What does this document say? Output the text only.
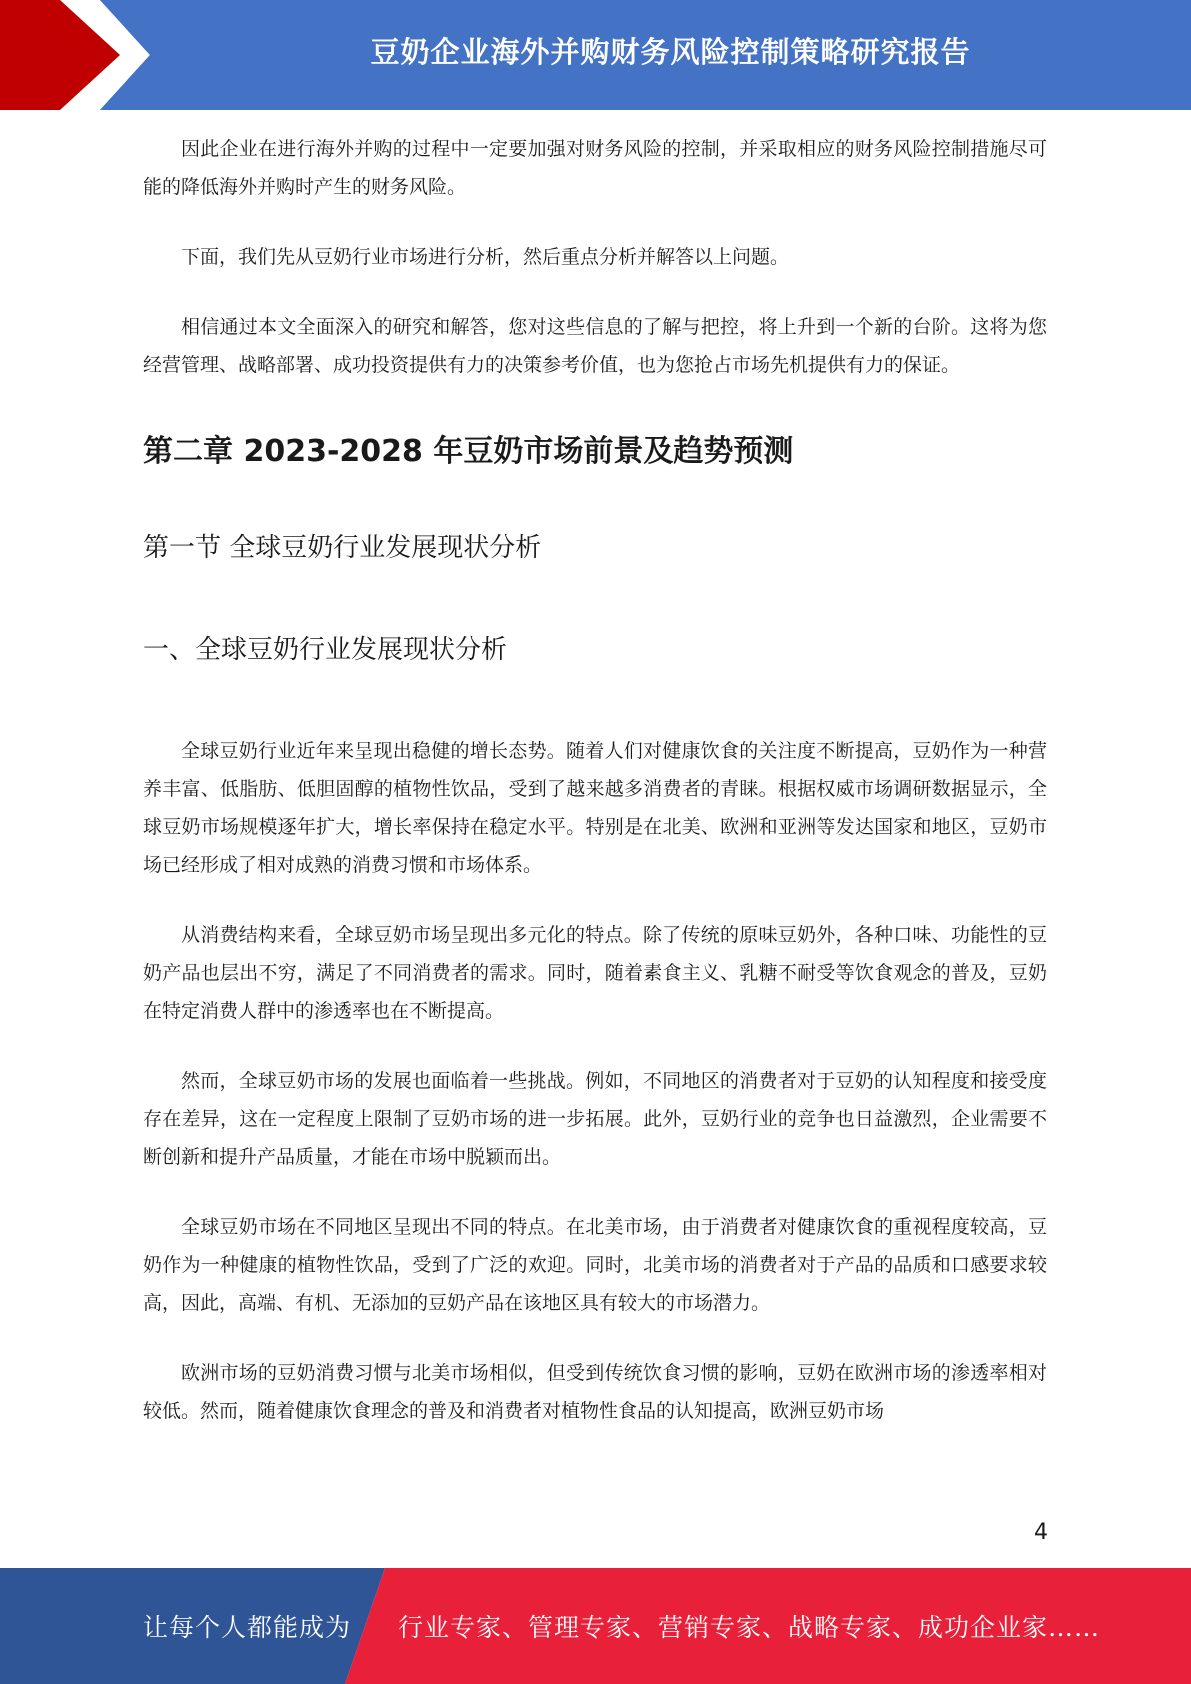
豆奶企业海外并购财务风险控制策略研究报告

因此企业在进行海外并购的过程中一定要加强对财务风险的控制，并采取相应的财务风险控制措施尽可能的降低海外并购时产生的财务风险。

下面，我们先从豆奶行业市场进行分析，然后重点分析并解答以上问题。

相信通过本文全面深入的研究和解答，您对这些信息的了解与把控，将上升到一个新的台阶。这将为您经营管理、战略部署、成功投资提供有力的决策参考价值，也为您抢占市场先机提供有力的保证。

第二章 2023-2028 年豆奶市场前景及趋势预测
第一节 全球豆奶行业发展现状分析
一、全球豆奶行业发展现状分析

全球豆奶行业近年来呈现出稳健的增长态势。随着人们对健康饮食的关注度不断提高，豆奶作为一种营养丰富、低脂肪、低胆固醇的植物性饮品，受到了越来越多消费者的青睐。根据权威市场调研数据显示，全球豆奶市场规模逐年扩大，增长率保持在稳定水平。特别是在北美、欧洲和亚洲等发达国家和地区，豆奶市场已经形成了相对成熟的消费习惯和市场体系。

从消费结构来看，全球豆奶市场呈现出多元化的特点。除了传统的原味豆奶外，各种口味、功能性的豆奶产品也层出不穷，满足了不同消费者的需求。同时，随着素食主义、乳糖不耐受等饮食观念的普及，豆奶在特定消费人群中的渗透率也在不断提高。

然而，全球豆奶市场的发展也面临着一些挑战。例如，不同地区的消费者对于豆奶的认知程度和接受度存在差异，这在一定程度上限制了豆奶市场的进一步拓展。此外，豆奶行业的竞争也日益激烈，企业需要不断创新和提升产品质量，才能在市场中脱颖而出。

全球豆奶市场在不同地区呈现出不同的特点。在北美市场，由于消费者对健康饮食的重视程度较高，豆奶作为一种健康的植物性饮品，受到了广泛的欢迎。同时，北美市场的消费者对于产品的品质和口感要求较高，因此，高端、有机、无添加的豆奶产品在该地区具有较大的市场潜力。

欧洲市场的豆奶消费习惯与北美市场相似，但受到传统饮食习惯的影响，豆奶在欧洲市场的渗透率相对较低。然而，随着健康饮食理念的普及和消费者对植物性食品的认知提高，欧洲豆奶市场

4
让每个人都能成为 行业专家、管理专家、营销专家、战略专家、成功企业家……
